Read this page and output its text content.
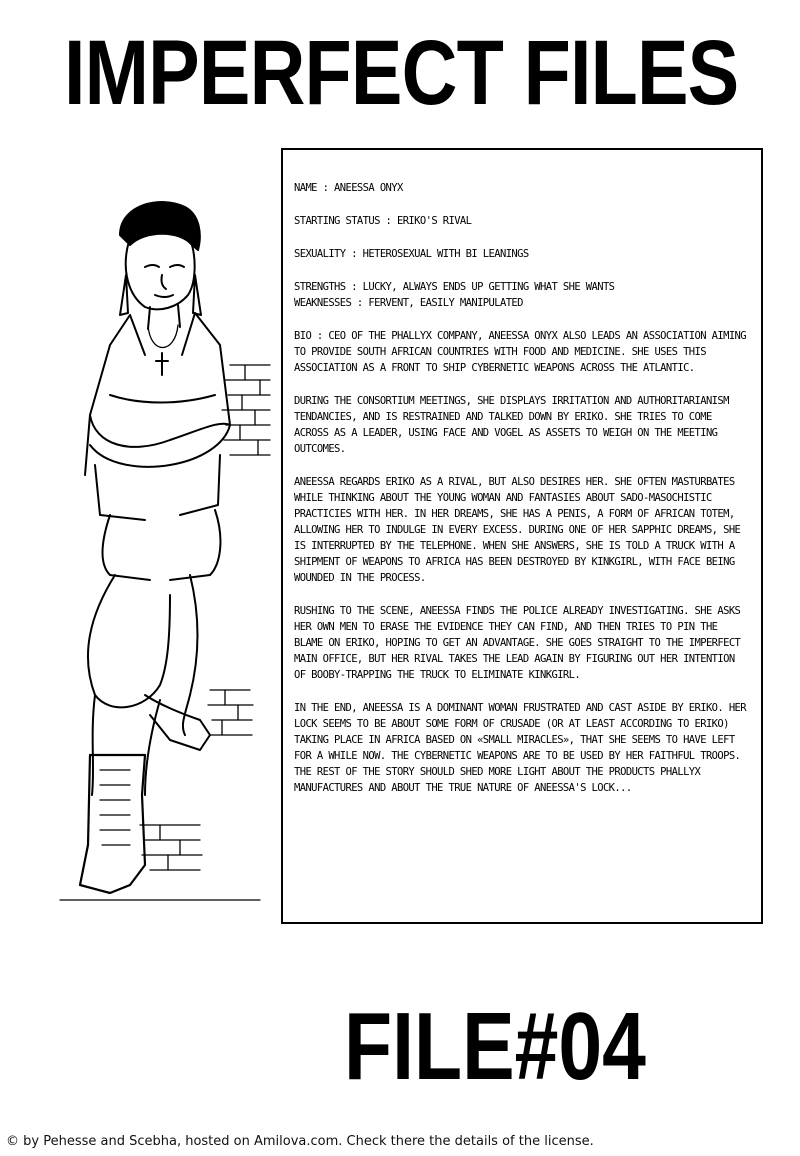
IMPERFECT FILES

NAME : ANEESSA ONYX

STARTING STATUS : ERIKO'S RIVAL

SEXUALITY : HETEROSEXUAL WITH BI LEANINGS

STRENGTHS : LUCKY, ALWAYS ENDS UP GETTING WHAT SHE WANTS

WEAKNESSES : FERVENT, EASILY MANIPULATED

BIO : CEO OF THE PHALLYX COMPANY, ANEESSA ONYX ALSO LEADS AN ASSOCIATION AIMING TO PROVIDE SOUTH AFRICAN COUNTRIES WITH FOOD AND MEDICINE. SHE USES THIS ASSOCIATION AS A FRONT TO SHIP CYBERNETIC WEAPONS ACROSS THE ATLANTIC.

DURING THE CONSORTIUM MEETINGS, SHE DISPLAYS IRRITATION AND AUTHORITARIANISM TENDANCIES, AND IS RESTRAINED AND TALKED DOWN BY ERIKO. SHE TRIES TO COME ACROSS AS A LEADER, USING FACE AND VOGEL AS ASSETS TO WEIGH ON THE MEETING OUTCOMES.

ANEESSA REGARDS ERIKO AS A RIVAL, BUT ALSO DESIRES HER. SHE OFTEN MASTURBATES WHILE THINKING ABOUT THE YOUNG WOMAN AND FANTASIES ABOUT SADO-MASOCHISTIC PRACTICIES WITH HER. IN HER DREAMS, SHE HAS A PENIS, A FORM OF AFRICAN TOTEM, ALLOWING HER TO INDULGE IN EVERY EXCESS. DURING ONE OF HER SAPPHIC DREAMS, SHE IS INTERRUPTED BY THE TELEPHONE. WHEN SHE ANSWERS, SHE IS TOLD A TRUCK WITH A SHIPMENT OF WEAPONS TO AFRICA HAS BEEN DESTROYED BY KINKGIRL, WITH FACE BEING WOUNDED IN THE PROCESS.

RUSHING TO THE SCENE, ANEESSA FINDS THE POLICE ALREADY INVESTIGATING. SHE ASKS HER OWN MEN TO ERASE THE EVIDENCE THEY CAN FIND, AND THEN TRIES TO PIN THE BLAME ON ERIKO, HOPING TO GET AN ADVANTAGE. SHE GOES STRAIGHT TO THE IMPERFECT MAIN OFFICE, BUT HER RIVAL TAKES THE LEAD AGAIN BY FIGURING OUT HER INTENTION OF BOOBY-TRAPPING THE TRUCK TO ELIMINATE KINKGIRL.

IN THE END, ANEESSA IS A DOMINANT WOMAN FRUSTRATED AND CAST ASIDE BY ERIKO. HER LOCK SEEMS TO BE ABOUT SOME FORM OF CRUSADE (OR AT LEAST ACCORDING TO ERIKO) TAKING PLACE IN AFRICA BASED ON «SMALL MIRACLES», THAT SHE SEEMS TO HAVE LEFT FOR A WHILE NOW. THE CYBERNETIC WEAPONS ARE TO BE USED BY HER FAITHFUL TROOPS.

THE REST OF THE STORY SHOULD SHED MORE LIGHT ABOUT THE PRODUCTS PHALLYX MANUFACTURES AND ABOUT THE TRUE NATURE OF ANEESSA'S LOCK...

FILE#04
© by Pehesse and Scebha, hosted on Amilova.com. Check there the details of the license.
